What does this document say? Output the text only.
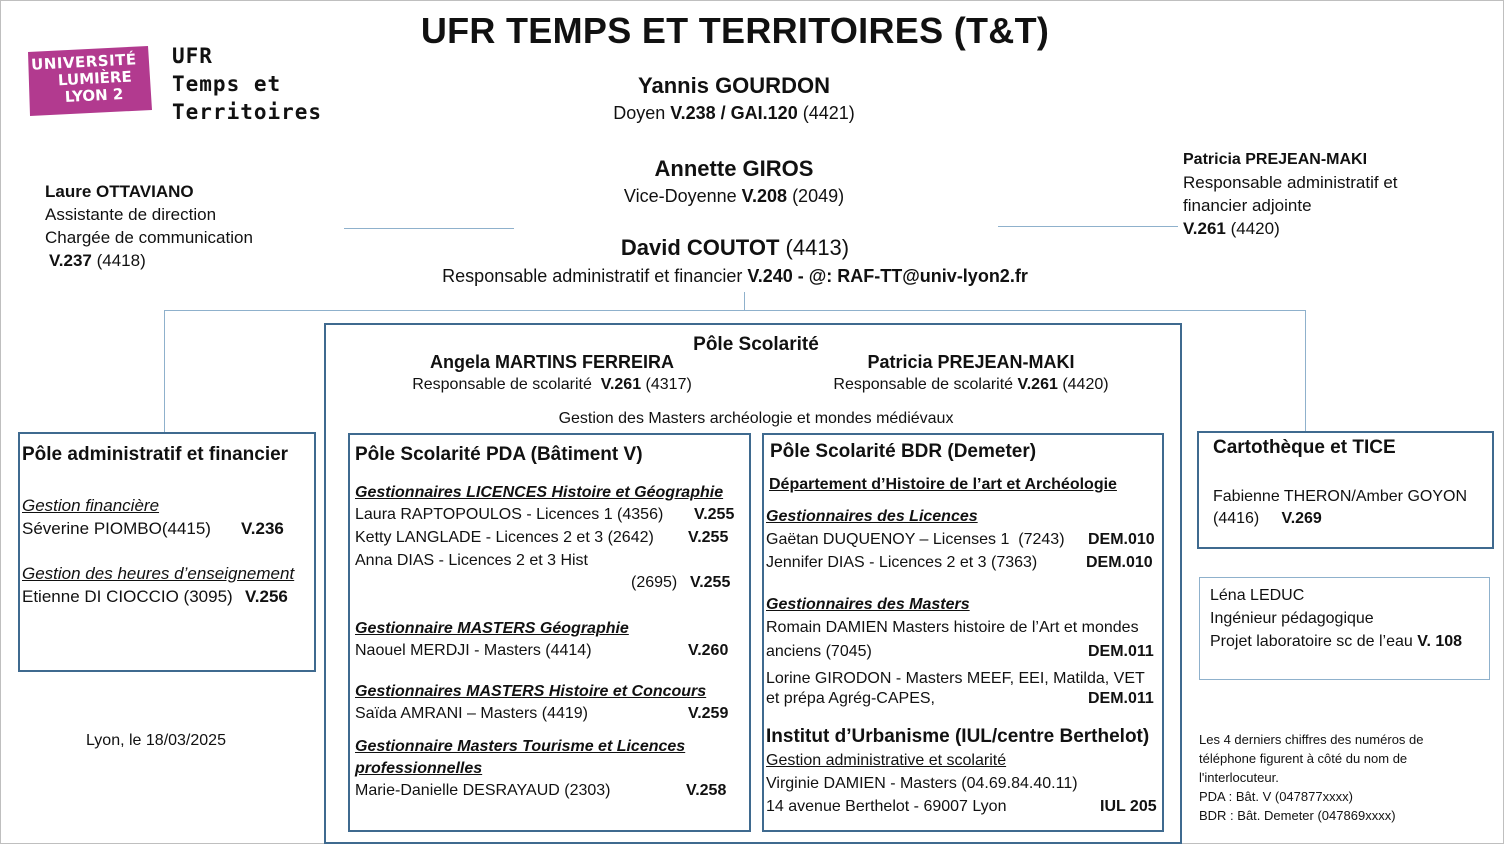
UNIVERSITÉ
LUMIÈRE
LYON 2
UFR
Temps et
Territoires
UFR TEMPS ET TERRITOIRES (T&T)
Yannis GOURDON
Doyen V.238 / GAI.120 (4421)
Annette GIROS
Vice-Doyenne V.208 (2049)
David COUTOT (4413)
Responsable administratif et financier V.240 - @: RAF-TT@univ-lyon2.fr
Laure OTTAVIANO
Assistante de direction
Chargée de communication
V.237 (4418)
Patricia PREJEAN-MAKI
Responsable administratif et
financier adjointe
V.261 (4420)
Pôle administratif et financier
Gestion financière
Séverine PIOMBO(4415) V.236
Gestion des heures d’enseignement
Etienne DI CIOCCIO (3095) V.256
Lyon, le 18/03/2025
Pôle Scolarité
Angela MARTINS FERREIRA
Responsable de scolarité V.261 (4317)
Patricia PREJEAN-MAKI
Responsable de scolarité V.261 (4420)
Gestion des Masters archéologie et mondes médiévaux
Pôle Scolarité PDA (Bâtiment V)
Gestionnaires LICENCES Histoire et Géographie
Laura RAPTOPOULOS - Licences 1 (4356) V.255
Ketty LANGLADE - Licences 2 et 3 (2642) V.255
Anna DIAS - Licences 2 et 3 Hist
(2695) V.255
Gestionnaire MASTERS Géographie
Naouel MERDJI - Masters (4414)	V.260
Gestionnaires MASTERS Histoire et Concours
Saïda AMRANI – Masters (4419)	V.259
Gestionnaire Masters Tourisme et Licences
professionnelles
Marie-Danielle DESRAYAUD (2303)	V.258
Pôle Scolarité BDR (Demeter)
Département d’Histoire de l’art et Archéologie
Gestionnaires des Licences
Gaëtan DUQUENOY – Licenses 1  (7243) DEM.010
Jennifer DIAS - Licences 2 et 3 (7363)	DEM.010
Gestionnaires des Masters
Romain DAMIEN Masters histoire de l’Art et mondes
anciens (7045)	DEM.011
Lorine GIRODON - Masters MEEF, EEI, Matilda, VET
et prépa Agrég-CAPES,	DEM.011
Institut d’Urbanisme (IUL/centre Berthelot)
Gestion administrative et scolarité
Virginie DAMIEN - Masters (04.69.84.40.11)
14 avenue Berthelot - 69007 Lyon	IUL 205
Cartothèque et TICE
Fabienne THERON/Amber GOYON
(4416) V.269
Léna LEDUC
Ingénieur pédagogique
Projet laboratoire sc de l’eau V. 108
Les 4 derniers chiffres des numéros de
téléphone figurent à côté du nom de
l'interlocuteur.
PDA : Bât. V (047877xxxx)
BDR : Bât. Demeter (047869xxxx)
